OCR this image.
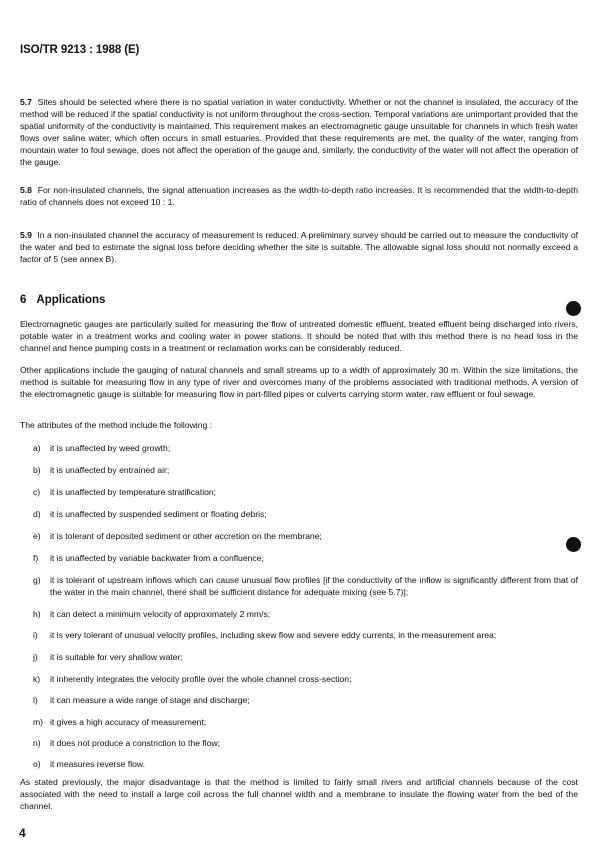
ISO/TR 9213 : 1988 (E)

5.7 Sites should be selected where there is no spatial variation in water conductivity. Whether or not the channel is insulated, the accuracy of the method will be reduced if the spatial conductivity is not uniform throughout the cross-section. Temporal variations are unimportant provided that the spatial uniformity of the conductivity is maintained. This requirement makes an electromagnetic gauge unsuitable for channels in which fresh water flows over saline water, which often occurs in small estuaries. Provided that these requirements are met, the quality of the water, ranging from mountain water to foul sewage, does not affect the operation of the gauge and, similarly, the conductivity of the water will not affect the operation of the gauge.

5.8 For non-insulated channels, the signal attenuation increases as the width-to-depth ratio increases. It is recommended that the width-to-depth ratio of channels does not exceed 10 : 1.

5.9 In a non-insulated channel the accuracy of measurement is reduced. A preliminary survey should be carried out to measure the conductivity of the water and bed to estimate the signal loss before deciding whether the site is suitable. The allowable signal loss should not normally exceed a factor of 5 (see annex B).

6 Applications

Electromagnetic gauges are particularly suited for measuring the flow of untreated domestic effluent, treated effluent being discharged into rivers, potable water in a treatment works and cooling water in power stations. It should be noted that with this method there is no head loss in the channel and hence pumping costs in a treatment or reclamation works can be considerably reduced.

Other applications include the gauging of natural channels and small streams up to a width of approximately 30 m. Within the size limitations, the method is suitable for measuring flow in any type of river and overcomes many of the problems associated with traditional methods. A version of the electromagnetic gauge is suitable for measuring flow in part-filled pipes or culverts carrying storm water, raw effluent or foul sewage.

The attributes of the method include the following :

a)	it is unaffected by weed growth;
b)	it is unaffected by entrained air;
c)	it is unaffected by temperature stratification;
d)	it is unaffected by suspended sediment or floating debris;
e)	it is tolerant of deposited sediment or other accretion on the membrane;
f)	it is unaffected by variable backwater from a confluence;
g)	it is tolerant of upstream inflows which can cause unusual flow profiles [if the conductivity of the inflow is significantly different from that of the water in the main channel, there shall be sufficient distance for adequate mixing (see 5.7)];
h)	it can detect a minimum velocity of approximately 2 mm/s;
i)	it is very tolerant of unusual velocity profiles, including skew flow and severe eddy currents, in the measurement area;
j)	it is suitable for very shallow water;
k)	it inherently integrates the velocity profile over the whole channel cross-section;
l)	it can measure a wide range of stage and discharge;
m) it gives a high accuracy of measurement;
n)	it does not produce a constriction to the flow;
o)	it measures reverse flow.

As stated previously, the major disadvantage is that the method is limited to fairly small rivers and artificial channels because of the cost associated with the need to install a large coil across the full channel width and a membrane to insulate the flowing water from the bed of the channel.

4
